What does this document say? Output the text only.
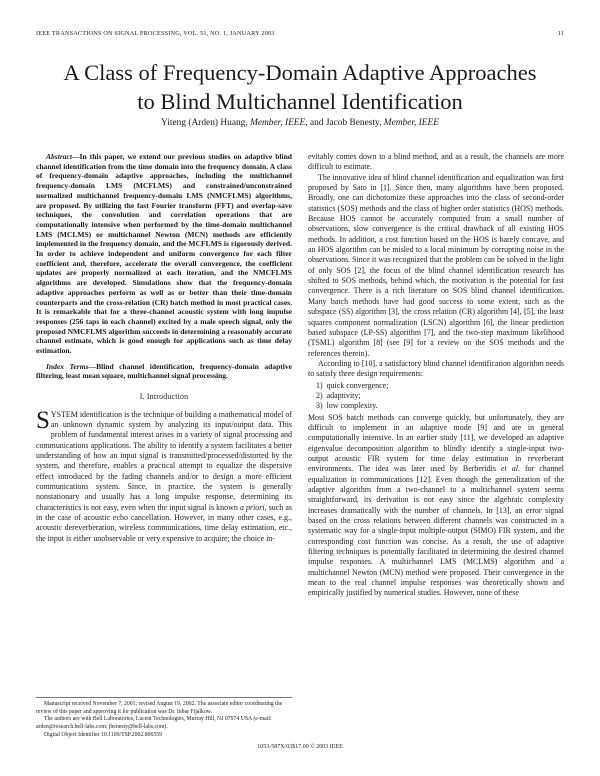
IEEE TRANSACTIONS ON SIGNAL PROCESSING, VOL. 51, NO. 1, JANUARY 2003	11
A Class of Frequency-Domain Adaptive Approaches
to Blind Multichannel Identification
Yiteng (Arden) Huang, Member, IEEE, and Jacob Benesty, Member, IEEE

Abstract—In this paper, we extend our previous studies on adaptive blind channel identification from the time domain into the frequency domain. A class of frequency-domain adaptive approaches, including the multichannel frequency-domain LMS (MCFLMS) and constrained/unconstrained normalized multichannel frequency-domain LMS (NMCFLMS) algorithms, are proposed. By utilizing the fast Fourier transform (FFT) and overlap-save techniques, the convolution and correlation operations that are computationally intensive when performed by the time-domain multichannel LMS (MCLMS) or multichannel Newton (MCN) methods are efficiently implemented in the frequency domain, and the MCFLMS is rigorously derived. In order to achieve independent and uniform convergence for each filter coefficient and, therefore, accelerate the overall convergence, the coefficient updates are properly normalized at each iteration, and the NMCFLMS algorithms are developed. Simulations show that the frequency-domain adaptive approaches perform as well as or better than their time-domain counterparts and the cross-relation (CR) batch method in most practical cases. It is remarkable that for a three-channel acoustic system with long impulse responses (256 taps in each channel) excited by a male speech signal, only the proposed NMCFLMS algorithm succeeds in determining a reasonably accurate channel estimate, which is good enough for applications such as time delay estimation.

Index Terms—Blind channel identification, frequency-domain adaptive filtering, least mean square, multichannel signal processing.

I. Introduction

SYSTEM identification is the technique of building a mathematical model of an unknown dynamic system by analyzing its input/output data. This problem of fundamental interest arises in a variety of signal processing and communications applications. The ability to identify a system facilitates a better understanding of how an input signal is transmitted/processed/distorted by the system, and therefore, enables a practical attempt to equalize the dispersive effect introduced by the fading channels and/or to design a more efficient communications system. Since, in practice, the system is generally nonstationary and usually has a long impulse response, determining its characteristics is not easy, even when the input signal is known a priori, such as in the case of acoustic echo cancellation. However, in many other cases, e.g., acoustic dereverberation, wireless communications, time delay estimation, etc., the input is either unobservable or very expensive to acquire; the choice in-

evitably comes down to a blind method, and as a result, the channels are more difficult to estimate.

The innovative idea of blind channel identification and equalization was first proposed by Sato in [1]. Since then, many algorithms have been proposed. Broadly, one can dichotomize these approaches into the class of second-order statistics (SOS) methods and the class of higher order statistics (HOS) methods. Because HOS cannot be accurately computed from a small number of observations, slow convergence is the critical drawback of all existing HOS methods. In addition, a cost function based on the HOS is barely concave, and an HOS algorithm can be misled to a local minimum by corrupting noise in the observations. Since it was recognized that the problem can be solved in the light of only SOS [2], the focus of the blind channel identification research has shifted to SOS methods, behind which, the motivation is the potential for fast convergence. There is a rich literature on SOS blind channel identification. Many batch methods have had good success to some extent, such as the subspace (SS) algorithm [3], the cross relation (CR) algorithm [4], [5], the least squares component normalization (LSCN) algorithm [6], the linear prediction based subspace (LP-SS) algorithm [7], and the two-step maximum likelihood (TSML) algorithm [8] (see [9] for a review on the SOS methods and the references therein).

According to [10], a satisfactory blind channel identification algorithm needs to satisfy three design requirements:

1) quick convergence;
2) adaptivity;
3) low complexity.

Most SOS batch methods can converge quickly, but unfortunately, they are difficult to implement in an adaptive mode [9] and are in general computationally intensive. In an earlier study [11], we developed an adaptive eigenvalue decomposition algorithm to blindly identify a single-input two-output acoustic FIR system for time delay estimation in reverberant environments. The idea was later used by Berberidis et al. for channel equalization in communications [12]. Even though the generalization of the adaptive algorithm from a two-channel to a multichannel system seems straightforward, its derivation is not easy since the algebraic complexity increases dramatically with the number of channels. In [13], an error signal based on the cross relations between different channels was constructed in a systematic way for a single-input multiple-output (SIMO) FIR system, and the corresponding cost function was concise. As a result, the use of adaptive filtering techniques is potentially facilitated in determining the desired channel impulse responses. A multichannel LMS (MCLMS) algorithm and a multichannel Newton (MCN) method were proposed. Their convergence in the mean to the real channel impulse responses was theoretically shown and empirically justified by numerical studies. However, none of these

Manuscript received November 7, 2001; revised August 19, 2002. The associate editor coordinating the review of this paper and approving it for publication was Dr. Inbar Fijalkow.

The authors are with Bell Laboratories, Lucent Technologies, Murray Hill, NJ 07974 USA (e-mail: arden@research.bell-labs.com; jbenesty@bell-labs.com).

Digital Object Identifier 10.1109/TSP.2002.806559

1053-587X/03$17.00 © 2003 IEEE
